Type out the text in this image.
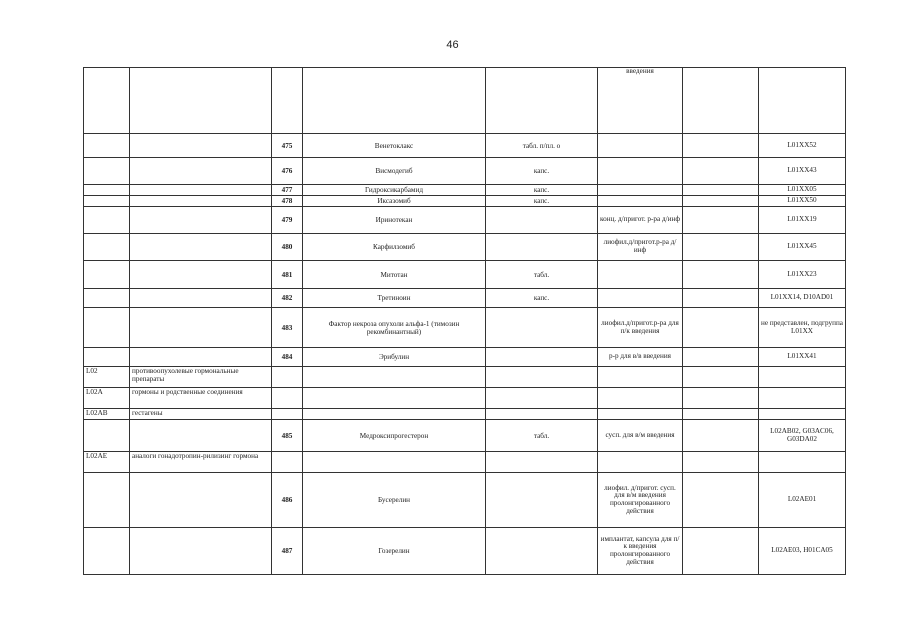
46
					введения		
		475	Венетоклакс	табл. п/пл. о			L01XX52
		476	Висмодегиб	капс.			L01XX43
		477	Гидроксикарбамид	капс.			L01XX05
		478	Иксазомиб	капс.			L01XX50
		479	Иринотекан		конц. д/пригот. р-ра д/инф		L01XX19
		480	Карфилзомиб		лиофил.д/пригот.р-ра д/инф		L01XX45
		481	Митотан	табл.			L01XX23
		482	Третиноин	капс.			L01XX14, D10AD01
		483	Фактор некроза опухоли альфа-1 (тимозин рекомбинантный)		лиофил.д/пригот.р-ра для п/к введения		не представлен, подгруппа L01XX
		484	Эрибулин		р-р для в/в введения		L01XX41
L02	противоопухолевые гормональные препараты						
L02A	гормоны и родственные соединения						
L02AB	гестагены						
		485	Медроксипрогестерон	табл.	сусп. для в/м введения		L02AB02, G03AC06, G03DA02
L02AE	аналоги гонадотропин-рилизинг гормона						
		486	Бусерелин		лиофил. д/пригот. сусп. для в/м введения пролонгированного действия		L02AE01
		487	Гозерелин		имплантат, капсула для п/к введения пролонгированного действия		L02AE03, H01CA05
